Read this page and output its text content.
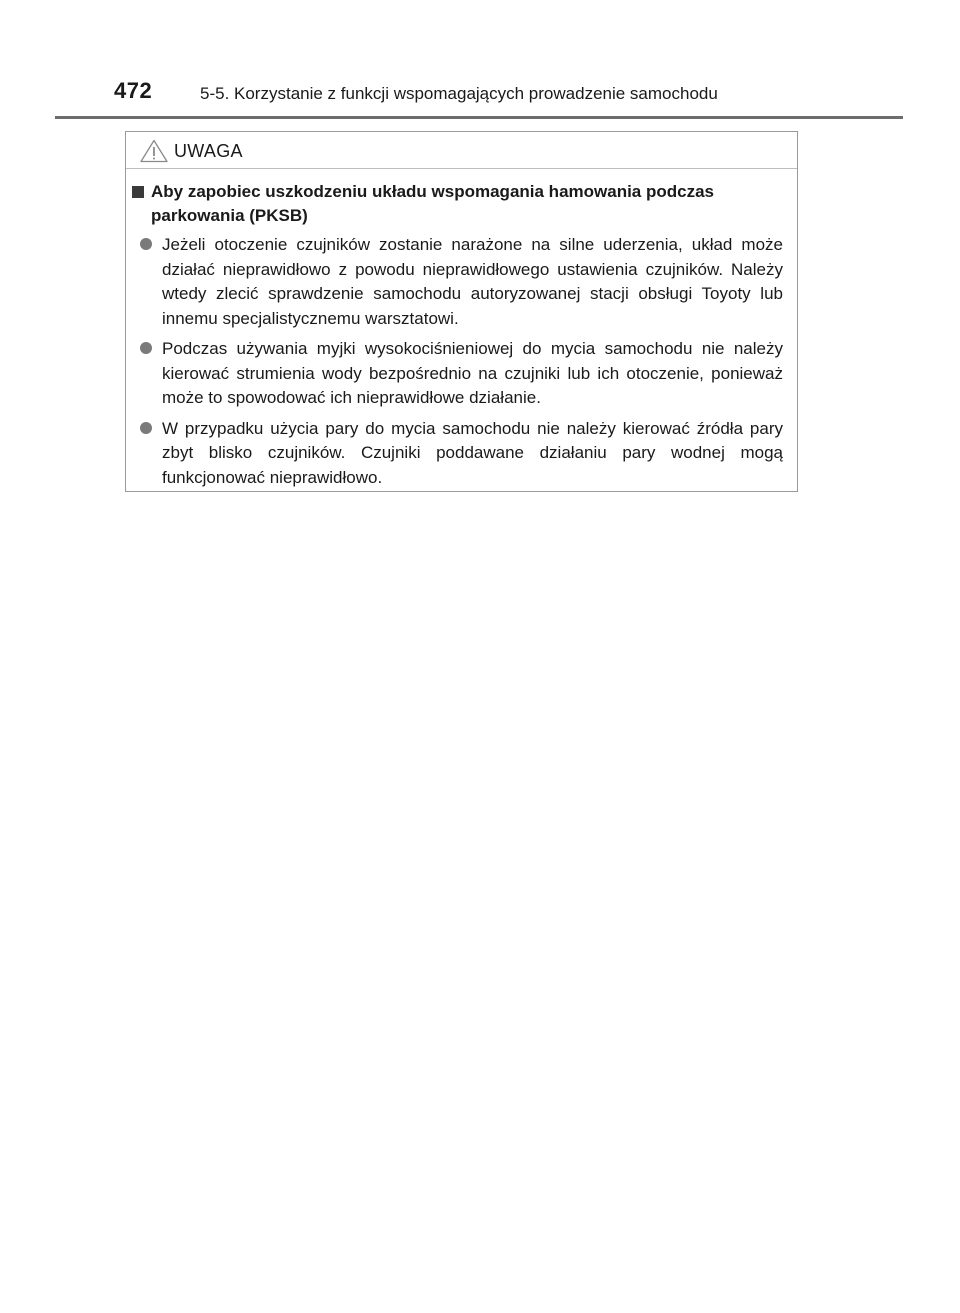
472	5-5. Korzystanie z funkcji wspomagających prowadzenie samochodu
UWAGA
Aby zapobiec uszkodzeniu układu wspomagania hamowania podczas parkowania (PKSB)
Jeżeli otoczenie czujników zostanie narażone na silne uderzenia, układ może działać nieprawidłowo z powodu nieprawidłowego ustawienia czujników. Należy wtedy zlecić sprawdzenie samochodu autoryzowanej stacji obsługi Toyoty lub innemu specjalistycznemu warsztatowi.
Podczas używania myjki wysokociśnieniowej do mycia samochodu nie należy kierować strumienia wody bezpośrednio na czujniki lub ich otoczenie, ponieważ może to spowodować ich nieprawidłowe działanie.
W przypadku użycia pary do mycia samochodu nie należy kierować źródła pary zbyt blisko czujników. Czujniki poddawane działaniu pary wodnej mogą funkcjonować nieprawidłowo.
